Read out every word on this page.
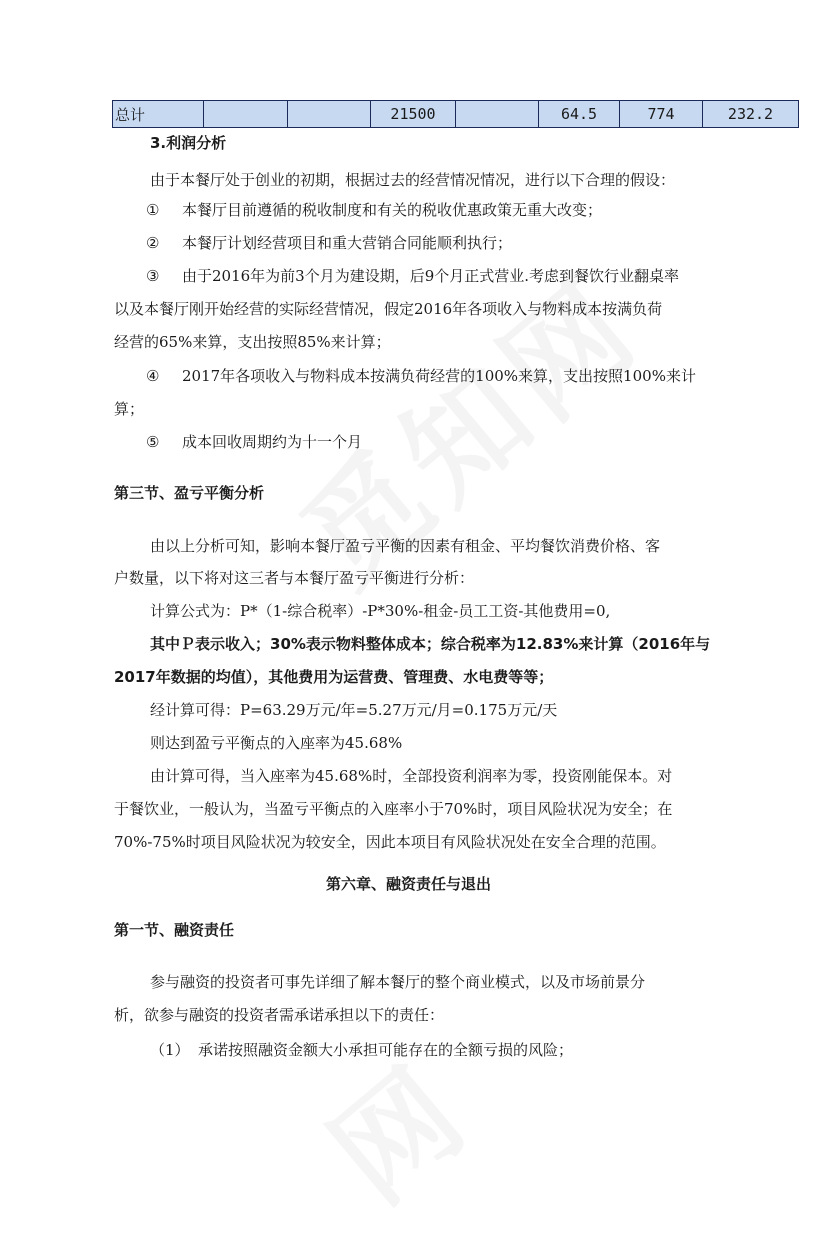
总计			21500		64.5	774	232.2
3.利润分析
由于本餐厅处于创业的初期，根据过去的经营情况情况，进行以下合理的假设：
① 本餐厅目前遵循的税收制度和有关的税收优惠政策无重大改变；
② 本餐厅计划经营项目和重大营销合同能顺利执行；
③ 由于2016年为前3个月为建设期，后9个月正式营业.考虑到餐饮行业翻桌率
以及本餐厅刚开始经营的实际经营情况，假定2016年各项收入与物料成本按满负荷
经营的65%来算，支出按照85%来计算；
④ 2017年各项收入与物料成本按满负荷经营的100%来算，支出按照100%来计
算；
⑤ 成本回收周期约为十一个月
第三节、盈亏平衡分析
由以上分析可知，影响本餐厅盈亏平衡的因素有租金、平均餐饮消费价格、客
户数量，以下将对这三者与本餐厅盈亏平衡进行分析：
计算公式为：P*（1-综合税率）-P*30%-租金-员工工资-其他费用=0,
其中Ｐ表示收入；30%表示物料整体成本；综合税率为12.83%来计算（2016年与
2017年数据的均值），其他费用为运营费、管理费、水电费等等；
经计算可得：P=63.29万元/年=5.27万元/月=0.175万元/天
则达到盈亏平衡点的入座率为45.68%
由计算可得，当入座率为45.68%时，全部投资利润率为零，投资刚能保本。对
于餐饮业，一般认为，当盈亏平衡点的入座率小于70%时，项目风险状况为安全；在
70%-75%时项目风险状况为较安全，因此本项目有风险状况处在安全合理的范围。
第六章、融资责任与退出
第一节、融资责任
参与融资的投资者可事先详细了解本餐厅的整个商业模式，以及市场前景分
析，欲参与融资的投资者需承诺承担以下的责任：
（1） 承诺按照融资金额大小承担可能存在的全额亏损的风险；
